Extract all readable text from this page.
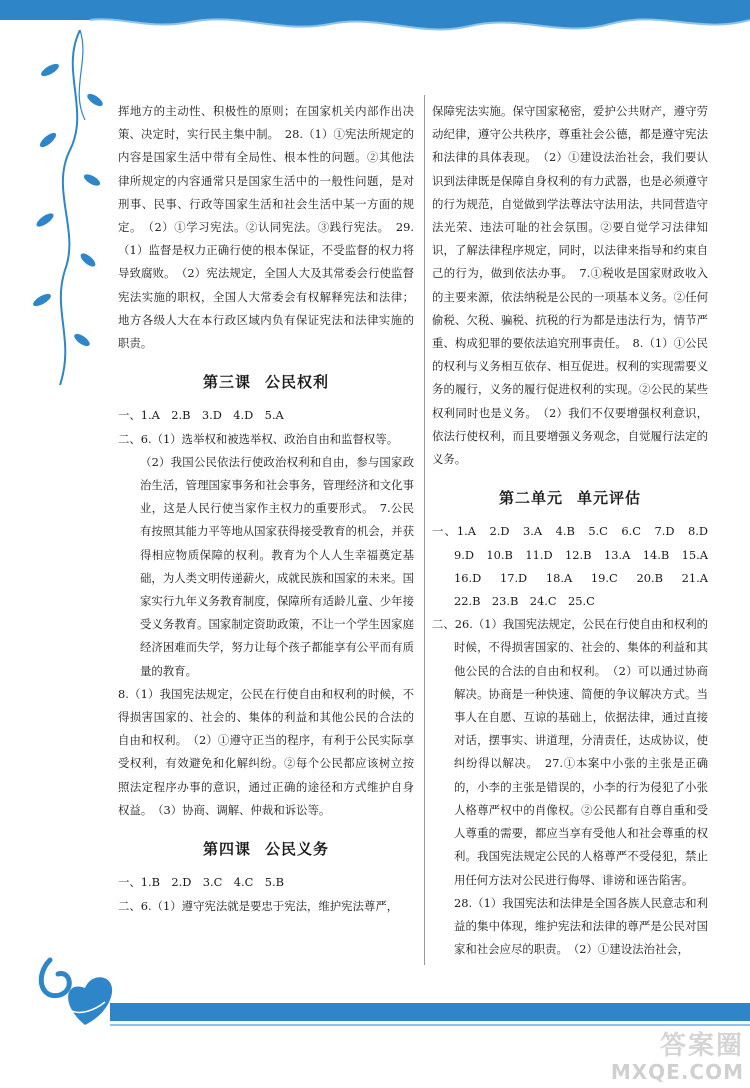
挥地方的主动性、积极性的原则；在国家机关内部作出决策、决定时，实行民主集中制。　28.（1）①宪法所规定的内容是国家生活中带有全局性、根本性的问题。②其他法律所规定的内容通常只是国家生活中的一般性问题，是对刑事、民事、行政等国家生活和社会生活中某一方面的规定。　（2）①学习宪法。②认同宪法。③践行宪法。　29.（1）监督是权力正确行使的根本保证，不受监督的权力将导致腐败。　（2）宪法规定，全国人大及其常委会行使监督宪法实施的职权，全国人大常委会有权解释宪法和法律；地方各级人大在本行政区域内负有保证宪法和法律实施的职责。

第三课 公民权利

一、1.A　2.B　3.D　4.D　5.A

二、6.（1）选举权和被选举权、政治自由和监督权等。

（2）我国公民依法行使政治权利和自由，参与国家政治生活，管理国家事务和社会事务，管理经济和文化事业，这是人民行使当家作主权力的重要形式。　7.公民有按照其能力平等地从国家获得接受教育的机会，并获得相应物质保障的权利。教育为个人人生幸福奠定基础，为人类文明传递薪火，成就民族和国家的未来。国家实行九年义务教育制度，保障所有适龄儿童、少年接受义务教育。国家制定资助政策，不让一个学生因家庭经济困难而失学，努力让每个孩子都能享有公平而有质量的教育。

8.（1）我国宪法规定，公民在行使自由和权利的时候，不得损害国家的、社会的、集体的利益和其他公民的合法的自由和权利。　（2）①遵守正当的程序，有利于公民实际享受权利，有效避免和化解纠纷。②每个公民都应该树立按照法定程序办事的意识，通过正确的途径和方式维护自身权益。　（3）协商、调解、仲裁和诉讼等。

第四课 公民义务

一、1.B　2.D　3.C　4.C　5.B

二、6.（1）遵守宪法就是要忠于宪法，维护宪法尊严，

保障宪法实施。保守国家秘密，爱护公共财产，遵守劳动纪律，遵守公共秩序，尊重社会公德，都是遵守宪法和法律的具体表现。　（2）①建设法治社会，我们要认识到法律既是保障自身权利的有力武器，也是必须遵守的行为规范，自觉做到学法尊法守法用法，共同营造守法光荣、违法可耻的社会氛围。②要自觉学习法律知识，了解法律程序规定，同时，以法律来指导和约束自己的行为，做到依法办事。　7.①税收是国家财政收入的主要来源，依法纳税是公民的一项基本义务。②任何偷税、欠税、骗税、抗税的行为都是违法行为，情节严重、构成犯罪的要依法追究刑事责任。　8.（1）①公民的权利与义务相互依存、相互促进。权利的实现需要义务的履行，义务的履行促进权利的实现。②公民的某些权利同时也是义务。　（2）我们不仅要增强权利意识，依法行使权利，而且要增强义务观念，自觉履行法定的义务。

第二单元 单元评估

一、1.A　2.D　3.A　4.B　5.C　6.C　7.D　8.D　9.D　10.B　11.D　12.B　13.A　14.B　15.A　16.D　17.D　18.A　19.C　20.B　21.A　22.B　23.B　24.C　25.C

二、26.（1）我国宪法规定，公民在行使自由和权利的时候，不得损害国家的、社会的、集体的利益和其他公民的合法的自由和权利。　（2）可以通过协商解决。协商是一种快速、简便的争议解决方式。当事人在自愿、互谅的基础上，依据法律，通过直接对话，摆事实、讲道理，分清责任，达成协议，使纠纷得以解决。　27.①本案中小张的主张是正确的，小李的主张是错误的，小李的行为侵犯了小张人格尊严权中的肖像权。②公民都有自尊自重和受人尊重的需要，都应当享有受他人和社会尊重的权利。我国宪法规定公民的人格尊严不受侵犯，禁止用任何方法对公民进行侮辱、诽谤和诬告陷害。

28.（1）我国宪法和法律是全国各族人民意志和利益的集中体现，维护宪法和法律的尊严是公民对国家和社会应尽的职责。　（2）①建设法治社会，

答案圈
MXQE.COM
